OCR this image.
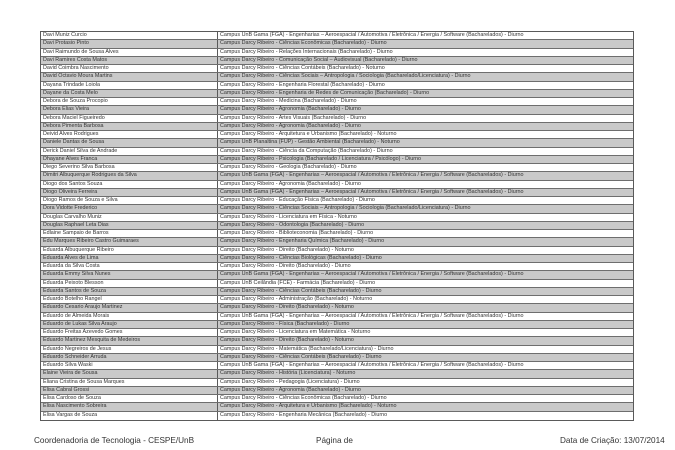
Davi Muniz Curcio	Campus UnB Gama (FGA) - Engenharias – Aeroespacial / Automotiva / Eletrônica / Energia / Software (Bacharelados) - Diurno
Davi Protasio Pinto	Campus Darcy Ribeiro - Ciências Econômicas (Bacharelado) - Diurno
Davi Raimundo de Sousa Alves	Campus Darcy Ribeiro - Relações Internacionais (Bacharelado) - Diurno
Davi Ramires Costa Matos	Campus Darcy Ribeiro - Comunicação Social – Audiovisual (Bacharelado) - Diurno
David Coimbra Nascimento	Campus Darcy Ribeiro - Ciências Contábeis (Bacharelado) - Noturno
David Octavio Moura Martins	Campus Darcy Ribeiro - Ciências Sociais – Antropologia / Sociologia (Bacharelado/Licenciatura) - Diurno
Dayana Trindade Loiola	Campus Darcy Ribeiro - Engenharia Florestal (Bacharelado) - Diurno
Dayane da Costa Melo	Campus Darcy Ribeiro - Engenharia de Redes de Comunicação (Bacharelado) - Diurno
Debora de Souza Procopio	Campus Darcy Ribeiro - Medicina (Bacharelado) - Diurno
Debora Elias Vieira	Campus Darcy Ribeiro - Agronomia (Bacharelado) - Diurno
Debora Maciel Figueiredo	Campus Darcy Ribeiro - Artes Visuais (Bacharelado) - Diurno
Debora Pimenta Barbosa	Campus Darcy Ribeiro - Agronomia (Bacharelado) - Diurno
Deivid Alves Rodrigues	Campus Darcy Ribeiro - Arquitetura e Urbanismo (Bacharelado) - Noturno
Daniele Dantas de Sousa	Campus UnB Planaltina (FUP) - Gestão Ambiental (Bacharelado) - Noturno
Derick Daniel Silva de Andrade	Campus Darcy Ribeiro - Ciência da Computação (Bacharelado) - Diurno
Dhayane Alves Franca	Campus Darcy Ribeiro - Psicologia (Bacharelado / Licenciatura / Psicólogo) - Diurno
Diego Severino Silva Barbosa	Campus Darcy Ribeiro - Geologia (Bacharelado) - Diurno
Dimitri Albuquerque Rodrigues da Silva	Campus UnB Gama (FGA) - Engenharias – Aeroespacial / Automotiva / Eletrônica / Energia / Software (Bacharelados) - Diurno
Diogo dos Santos Souza	Campus Darcy Ribeiro - Agronomia (Bacharelado) - Diurno
Diogo Oliveira Ferreira	Campus UnB Gama (FGA) - Engenharias – Aeroespacial / Automotiva / Eletrônica / Energia / Software (Bacharelados) - Diurno
Diogo Ramos de Souza e Silva	Campus Darcy Ribeiro - Educação Física (Bacharelado) - Diurno
Dora Vidotte Frederico	Campus Darcy Ribeiro - Ciências Sociais – Antropologia / Sociologia (Bacharelado/Licenciatura) - Diurno
Douglas Carvalho Muniz	Campus Darcy Ribeiro - Licenciatura em Física - Noturno
Douglas Raphael Leta Dias	Campus Darcy Ribeiro - Odontologia (Bacharelado) - Diurno
Edlaine Sampaio de Barros	Campus Darcy Ribeiro - Biblioteconomia (Bacharelado) - Diurno
Edu Marques Ribeiro Castro Guimaraes	Campus Darcy Ribeiro - Engenharia Química (Bacharelado) - Diurno
Eduarda Albuquerque Ribeiro	Campus Darcy Ribeiro - Direito (Bacharelado) - Noturno
Eduarda Alves de Lima	Campus Darcy Ribeiro - Ciências Biológicas (Bacharelado) - Diurno
Eduarda da Silva Costa	Campus Darcy Ribeiro - Direito (Bacharelado) - Diurno
Eduarda Emmy Silva Nunes	Campus UnB Gama (FGA) - Engenharias – Aeroespacial / Automotiva / Eletrônica / Energia / Software (Bacharelados) - Diurno
Eduarda Peixoto Blesson	Campus UnB Ceilândia (FCE) - Farmácia (Bacharelado) - Diurno
Eduarda Santos de Souza	Campus Darcy Ribeiro - Ciências Contábeis (Bacharelado) - Diurno
Eduardo Botelho Rangel	Campus Darcy Ribeiro - Administração (Bacharelado) - Noturno
Eduardo Cesario Araujo Martinez	Campus Darcy Ribeiro - Direito (Bacharelado) - Noturno
Eduardo de Almeida Morais	Campus UnB Gama (FGA) - Engenharias – Aeroespacial / Automotiva / Eletrônica / Energia / Software (Bacharelados) - Diurno
Eduardo de Lukas Silva Araujo	Campus Darcy Ribeiro - Física (Bacharelado) - Diurno
Eduardo Freitas Azevedo Gomes	Campus Darcy Ribeiro - Licenciatura em Matemática - Noturno
Eduardo Martinez Mesquita de Medeiros	Campus Darcy Ribeiro - Direito (Bacharelado) - Noturno
Eduardo Negreiros de Jesus	Campus Darcy Ribeiro - Matemática (Bacharelado/Licenciatura) - Diurno
Eduardo Schneider Arruda	Campus Darcy Ribeiro - Ciências Contábeis (Bacharelado) - Diurno
Eduardo Silva Waski	Campus UnB Gama (FGA) - Engenharias – Aeroespacial / Automotiva / Eletrônica / Energia / Software (Bacharelados) - Diurno
Elaine Vieira de Sousa	Campus Darcy Ribeiro - História (Licenciatura) - Noturno
Eliana Cristina de Sousa Marques	Campus Darcy Ribeiro - Pedagogia (Licenciatura) - Diurno
Elisa Cabral Grossi	Campus Darcy Ribeiro - Agronomia (Bacharelado) - Diurno
Elisa Cardoso de Souza	Campus Darcy Ribeiro - Ciências Econômicas (Bacharelado) - Diurno
Elisa Nascimento Sobreira	Campus Darcy Ribeiro - Arquitetura e Urbanismo (Bacharelado) - Noturno
Elisa Vargas de Souza	Campus Darcy Ribeiro - Engenharia Mecânica (Bacharelado) - Diurno
Coordenadoria de Tecnologia - CESPE/UnB	Página de	Data de Criação: 13/07/2014
